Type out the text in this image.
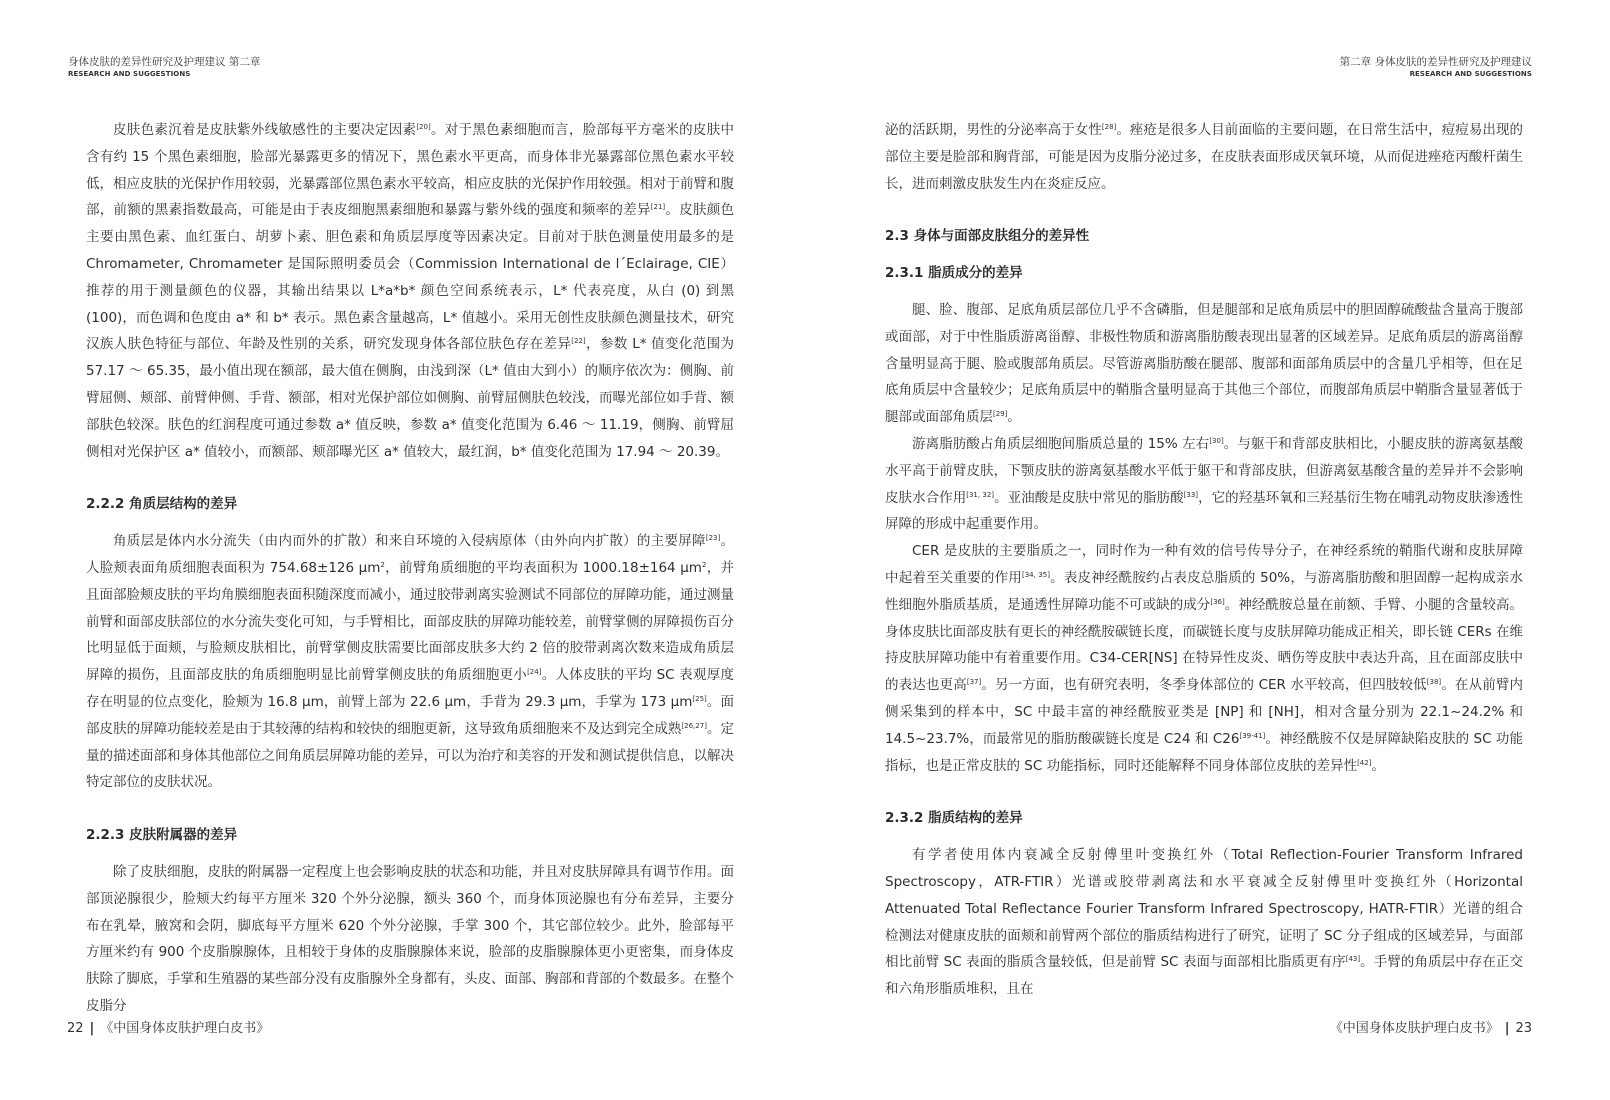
身体皮肤的差异性研究及护理建议 第二章
RESEARCH AND SUGGESTIONS

皮肤色素沉着是皮肤紫外线敏感性的主要决定因素[20]。对于黑色素细胞而言，脸部每平方毫米的皮肤中含有约 15 个黑色素细胞，脸部光暴露更多的情况下，黑色素水平更高，而身体非光暴露部位黑色素水平较低，相应皮肤的光保护作用较弱，光暴露部位黑色素水平较高，相应皮肤的光保护作用较强。相对于前臂和腹部，前额的黑素指数最高，可能是由于表皮细胞黑素细胞和暴露与紫外线的强度和频率的差异[21]。皮肤颜色主要由黑色素、血红蛋白、胡萝卜素、胆色素和角质层厚度等因素决定。目前对于肤色测量使用最多的是 Chromameter, Chromameter 是国际照明委员会（Commission International de l´Eclairage, CIE）推荐的用于测量颜色的仪器，其输出结果以 L*a*b* 颜色空间系统表示，L* 代表亮度，从白 (0) 到黑 (100)，而色调和色度由 a* 和 b* 表示。黑色素含量越高，L* 值越小。采用无创性皮肤颜色测量技术，研究汉族人肤色特征与部位、年龄及性别的关系，研究发现身体各部位肤色存在差异[22]，参数 L* 值变化范围为 57.17 ～ 65.35，最小值出现在额部，最大值在侧胸，由浅到深（L* 值由大到小）的顺序依次为：侧胸、前臂屈侧、颊部、前臂伸侧、手背、额部，相对光保护部位如侧胸、前臂屈侧肤色较浅，而曝光部位如手背、额部肤色较深。肤色的红润程度可通过参数 a* 值反映，参数 a* 值变化范围为 6.46 ～ 11.19，侧胸、前臂屈侧相对光保护区 a* 值较小，而额部、颊部曝光区 a* 值较大，最红润，b* 值变化范围为 17.94 ～ 20.39。

2.2.2 角质层结构的差异

角质层是体内水分流失（由内而外的扩散）和来自环境的入侵病原体（由外向内扩散）的主要屏障[23]。人脸颊表面角质细胞表面积为 754.68±126 $\mu m^2$，前臂角质细胞的平均表面积为 1000.18±164 $\mu m^2$，并且面部脸颊皮肤的平均角膜细胞表面积随深度而减小，通过胶带剥离实验测试不同部位的屏障功能，通过测量前臂和面部皮肤部位的水分流失变化可知，与手臂相比，面部皮肤的屏障功能较差，前臂掌侧的屏障损伤百分比明显低于面颊，与脸颊皮肤相比，前臂掌侧皮肤需要比面部皮肤多大约 2 倍的胶带剥离次数来造成角质层屏障的损伤，且面部皮肤的角质细胞明显比前臂掌侧皮肤的角质细胞更小[24]。人体皮肤的平均 SC 表观厚度存在明显的位点变化，脸颊为 16.8 μm，前臂上部为 22.6 μm，手背为 29.3 μm，手掌为 173 μm[25]。面部皮肤的屏障功能较差是由于其较薄的结构和较快的细胞更新，这导致角质细胞来不及达到完全成熟[26,27]。定量的描述面部和身体其他部位之间角质层屏障功能的差异，可以为治疗和美容的开发和测试提供信息，以解决特定部位的皮肤状况。

2.2.3 皮肤附属器的差异

除了皮肤细胞，皮肤的附属器一定程度上也会影响皮肤的状态和功能，并且对皮肤屏障具有调节作用。面部顶泌腺很少，脸颊大约每平方厘米 320 个外分泌腺，额头 360 个，而身体顶泌腺也有分布差异，主要分布在乳晕，腋窝和会阴，脚底每平方厘米 620 个外分泌腺，手掌 300 个，其它部位较少。此外，脸部每平方厘米约有 900 个皮脂腺腺体，且相较于身体的皮脂腺腺体来说，脸部的皮脂腺腺体更小更密集，而身体皮肤除了脚底，手掌和生殖器的某些部分没有皮脂腺外全身都有，头皮、面部、胸部和背部的个数最多。在整个皮脂分

22 | 《中国身体皮肤护理白皮书》
第二章 身体皮肤的差异性研究及护理建议
RESEARCH AND SUGGESTIONS

泌的活跃期，男性的分泌率高于女性[28]。痤疮是很多人目前面临的主要问题，在日常生活中，痘痘易出现的部位主要是脸部和胸背部，可能是因为皮脂分泌过多，在皮肤表面形成厌氧环境，从而促进痤疮丙酸杆菌生长，进而刺激皮肤发生内在炎症反应。

2.3 身体与面部皮肤组分的差异性
2.3.1 脂质成分的差异

腿、脸、腹部、足底角质层部位几乎不含磷脂，但是腿部和足底角质层中的胆固醇硫酸盐含量高于腹部或面部，对于中性脂质游离甾醇、非极性物质和游离脂肪酸表现出显著的区域差异。足底角质层的游离甾醇含量明显高于腿、脸或腹部角质层。尽管游离脂肪酸在腿部、腹部和面部角质层中的含量几乎相等，但在足底角质层中含量较少；足底角质层中的鞘脂含量明显高于其他三个部位，而腹部角质层中鞘脂含量显著低于腿部或面部角质层[29]。

游离脂肪酸占角质层细胞间脂质总量的 15% 左右[30]。与躯干和背部皮肤相比，小腿皮肤的游离氨基酸水平高于前臂皮肤，下颚皮肤的游离氨基酸水平低于躯干和背部皮肤，但游离氨基酸含量的差异并不会影响皮肤水合作用[31, 32]。亚油酸是皮肤中常见的脂肪酸[33]，它的羟基环氧和三羟基衍生物在哺乳动物皮肤渗透性屏障的形成中起重要作用。

CER 是皮肤的主要脂质之一，同时作为一种有效的信号传导分子，在神经系统的鞘脂代谢和皮肤屏障中起着至关重要的作用[34, 35]。表皮神经酰胺约占表皮总脂质的 50%，与游离脂肪酸和胆固醇一起构成亲水性细胞外脂质基质，是通透性屏障功能不可或缺的成分[36]。神经酰胺总量在前额、手臂、小腿的含量较高。身体皮肤比面部皮肤有更长的神经酰胺碳链长度，而碳链长度与皮肤屏障功能成正相关，即长链 CERs 在维持皮肤屏障功能中有着重要作用。C34-CER[NS] 在特异性皮炎、晒伤等皮肤中表达升高，且在面部皮肤中的表达也更高[37]。另一方面，也有研究表明，冬季身体部位的 CER 水平较高，但四肢较低[38]。在从前臂内侧采集到的样本中，SC 中最丰富的神经酰胺亚类是 [NP] 和 [NH]，相对含量分别为 22.1~24.2% 和 14.5~23.7%，而最常见的脂肪酸碳链长度是 C24 和 C26[39-41]。神经酰胺不仅是屏障缺陷皮肤的 SC 功能指标，也是正常皮肤的 SC 功能指标，同时还能解释不同身体部位皮肤的差异性[42]。

2.3.2 脂质结构的差异

有学者使用体内衰减全反射傅里叶变换红外（Total Reflection-Fourier Transform Infrared Spectroscopy，ATR-FTIR）光谱或胶带剥离法和水平衰减全反射傅里叶变换红外（Horizontal Attenuated Total Reflectance Fourier Transform Infrared Spectroscopy, HATR-FTIR）光谱的组合检测法对健康皮肤的面颊和前臂两个部位的脂质结构进行了研究，证明了 SC 分子组成的区域差异，与面部相比前臂 SC 表面的脂质含量较低，但是前臂 SC 表面与面部相比脂质更有序[43]。手臂的角质层中存在正交和六角形脂质堆积，且在

《中国身体皮肤护理白皮书》 | 23
